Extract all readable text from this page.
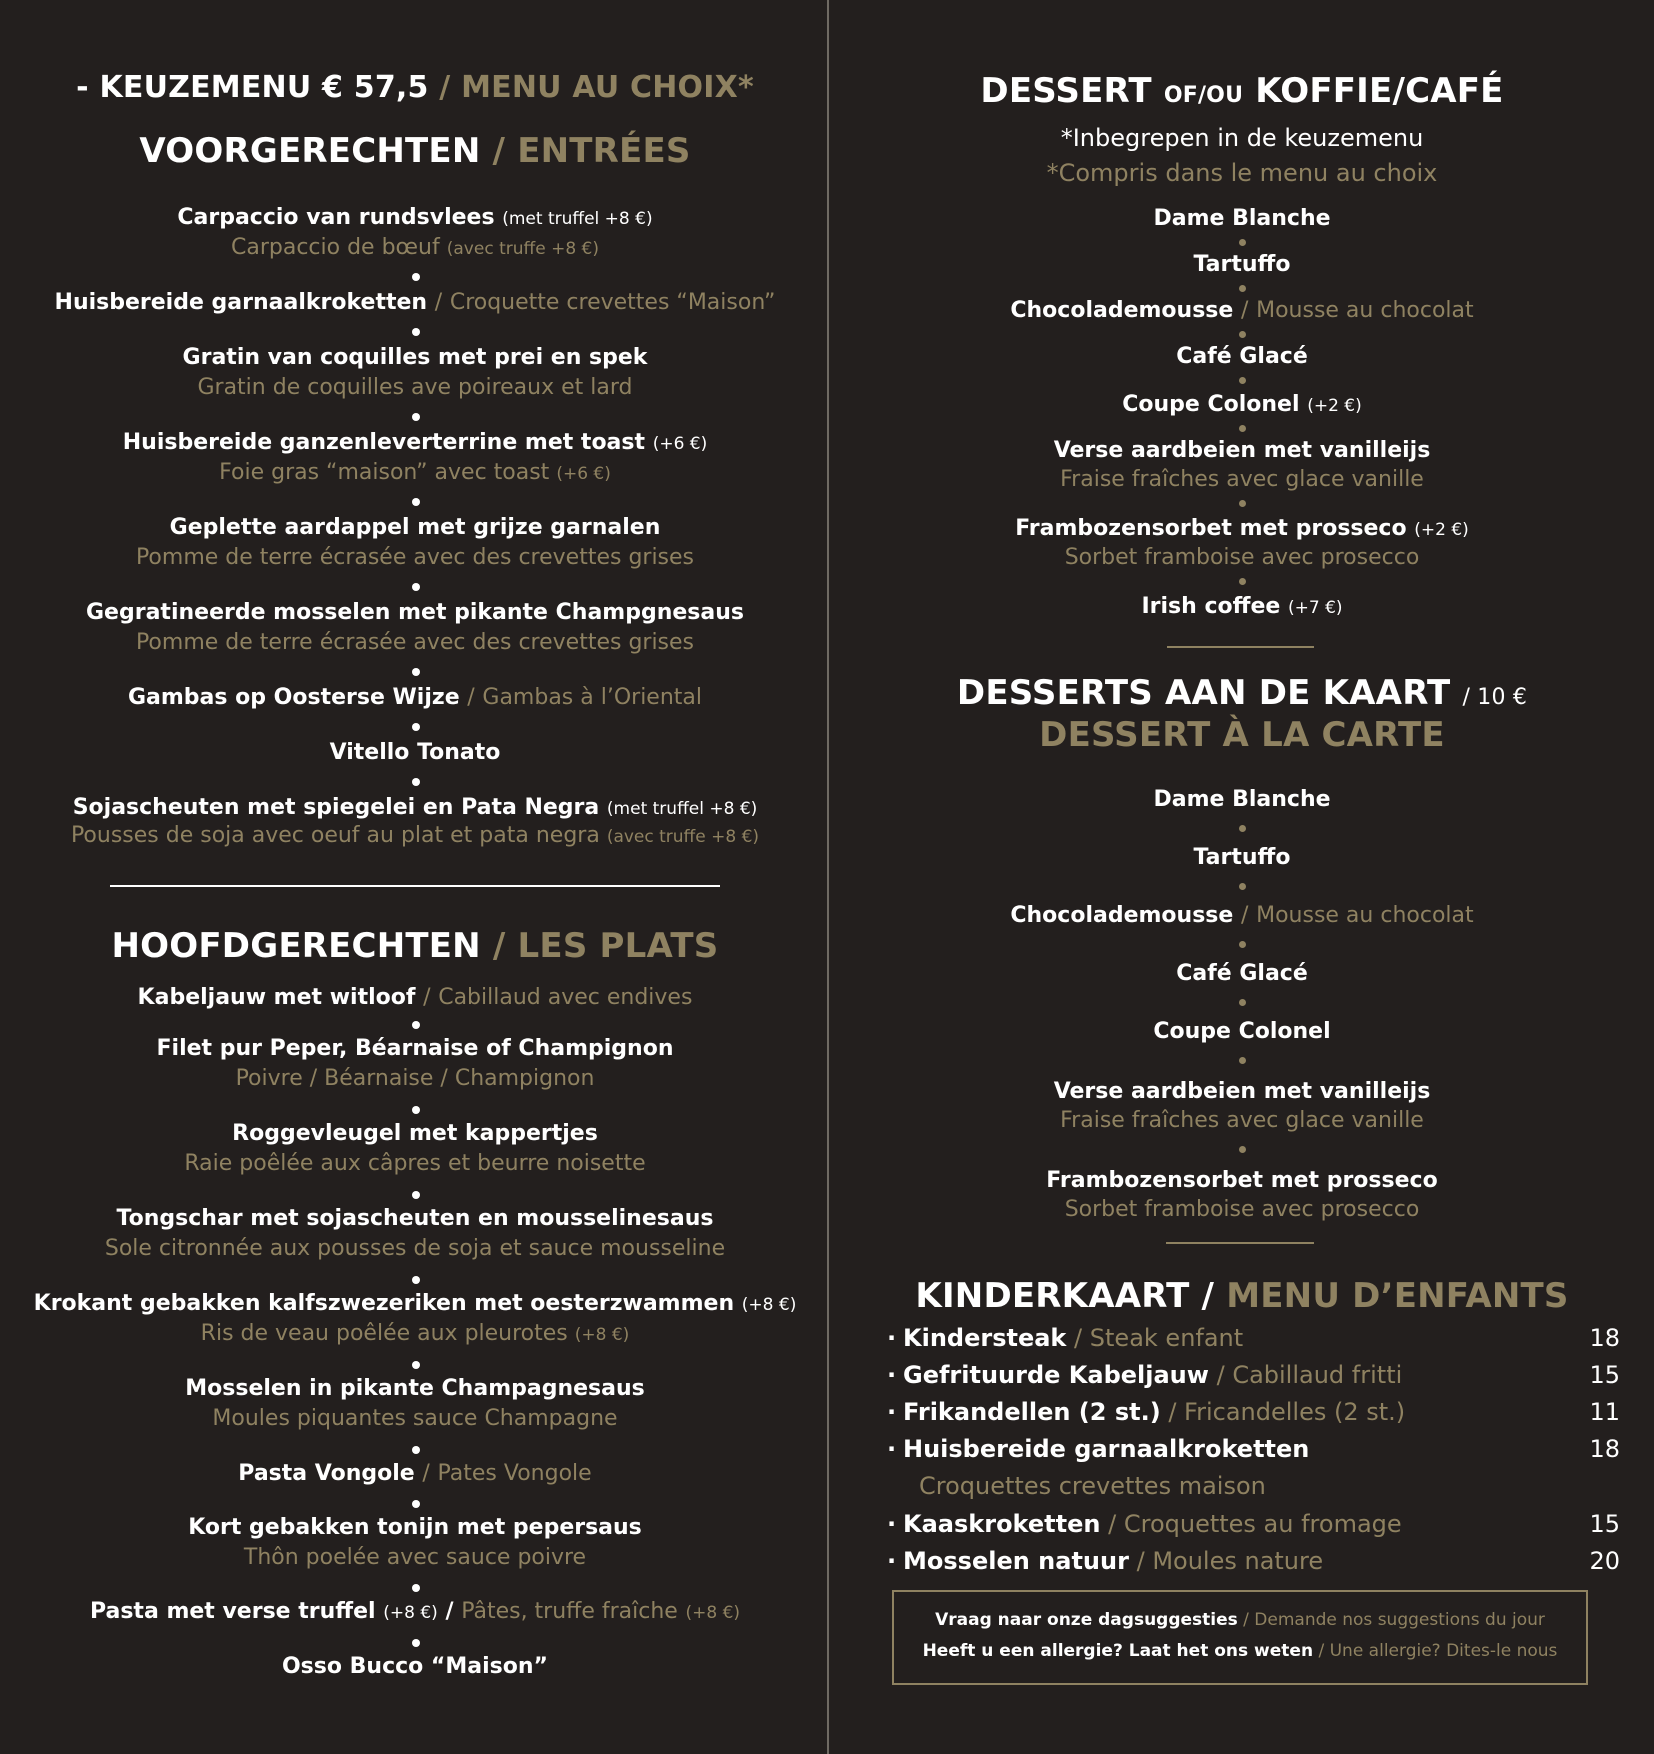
- KEUZEMENU € 57,5 / MENU AU CHOIX*
VOORGERECHTEN / ENTRÉES
Carpaccio van rundsvlees (met truffel +8 €)
Carpaccio de bœuf (avec truffe +8 €)
Huisbereide garnaalkroketten / Croquette crevettes “Maison”
Gratin van coquilles met prei en spek
Gratin de coquilles ave poireaux et lard
Huisbereide ganzenleverterrine met toast (+6 €)
Foie gras “maison” avec toast (+6 €)
Geplette aardappel met grijze garnalen
Pomme de terre écrasée avec des crevettes grises
Gegratineerde mosselen met pikante Champgnesaus
Pomme de terre écrasée avec des crevettes grises
Gambas op Oosterse Wijze / Gambas à l’Oriental
Vitello Tonato
Sojascheuten met spiegelei en Pata Negra (met truffel +8 €)
Pousses de soja avec oeuf au plat et pata negra (avec truffe +8 €)
HOOFDGERECHTEN / LES PLATS
Kabeljauw met witloof / Cabillaud avec endives
Filet pur Peper, Béarnaise of Champignon
Poivre / Béarnaise / Champignon
Roggevleugel met kappertjes
Raie poêlée aux câpres et beurre noisette
Tongschar met sojascheuten en mousselinesaus
Sole citronnée aux pousses de soja et sauce mousseline
Krokant gebakken kalfszwezeriken met oesterzwammen (+8 €)
Ris de veau poêlée aux pleurotes (+8 €)
Mosselen in pikante Champagnesaus
Moules piquantes sauce Champagne
Pasta Vongole / Pates Vongole
Kort gebakken tonijn met pepersaus
Thôn poelée avec sauce poivre
Pasta met verse truffel (+8 €) / Pâtes, truffe fraîche (+8 €)
Osso Bucco “Maison”
DESSERT OF/OU KOFFIE/CAFÉ
*Inbegrepen in de keuzemenu
*Compris dans le menu au choix
Dame Blanche
Tartuffo
Chocolademousse / Mousse au chocolat
Café Glacé
Coupe Colonel (+2 €)
Verse aardbeien met vanilleijs
Fraise fraîches avec glace vanille
Frambozensorbet met prosseco (+2 €)
Sorbet framboise avec prosecco
Irish coffee (+7 €)
DESSERTS AAN DE KAART / 10 €
DESSERT À LA CARTE
Dame Blanche
Tartuffo
Chocolademousse / Mousse au chocolat
Café Glacé
Coupe Colonel
Verse aardbeien met vanilleijs
Fraise fraîches avec glace vanille
Frambozensorbet met prosseco
Sorbet framboise avec prosecco
KINDERKAART / MENU D’ENFANTS
· Kindersteak / Steak enfant	18
· Gefrituurde Kabeljauw / Cabillaud fritti	15
· Frikandellen (2 st.) / Fricandelles (2 st.)	11
· Huisbereide garnaalkroketten	18
Croquettes crevettes maison
· Kaaskroketten / Croquettes au fromage	15
· Mosselen natuur / Moules nature	20
Vraag naar onze dagsuggesties / Demande nos suggestions du jour
Heeft u een allergie? Laat het ons weten / Une allergie? Dites-le nous
